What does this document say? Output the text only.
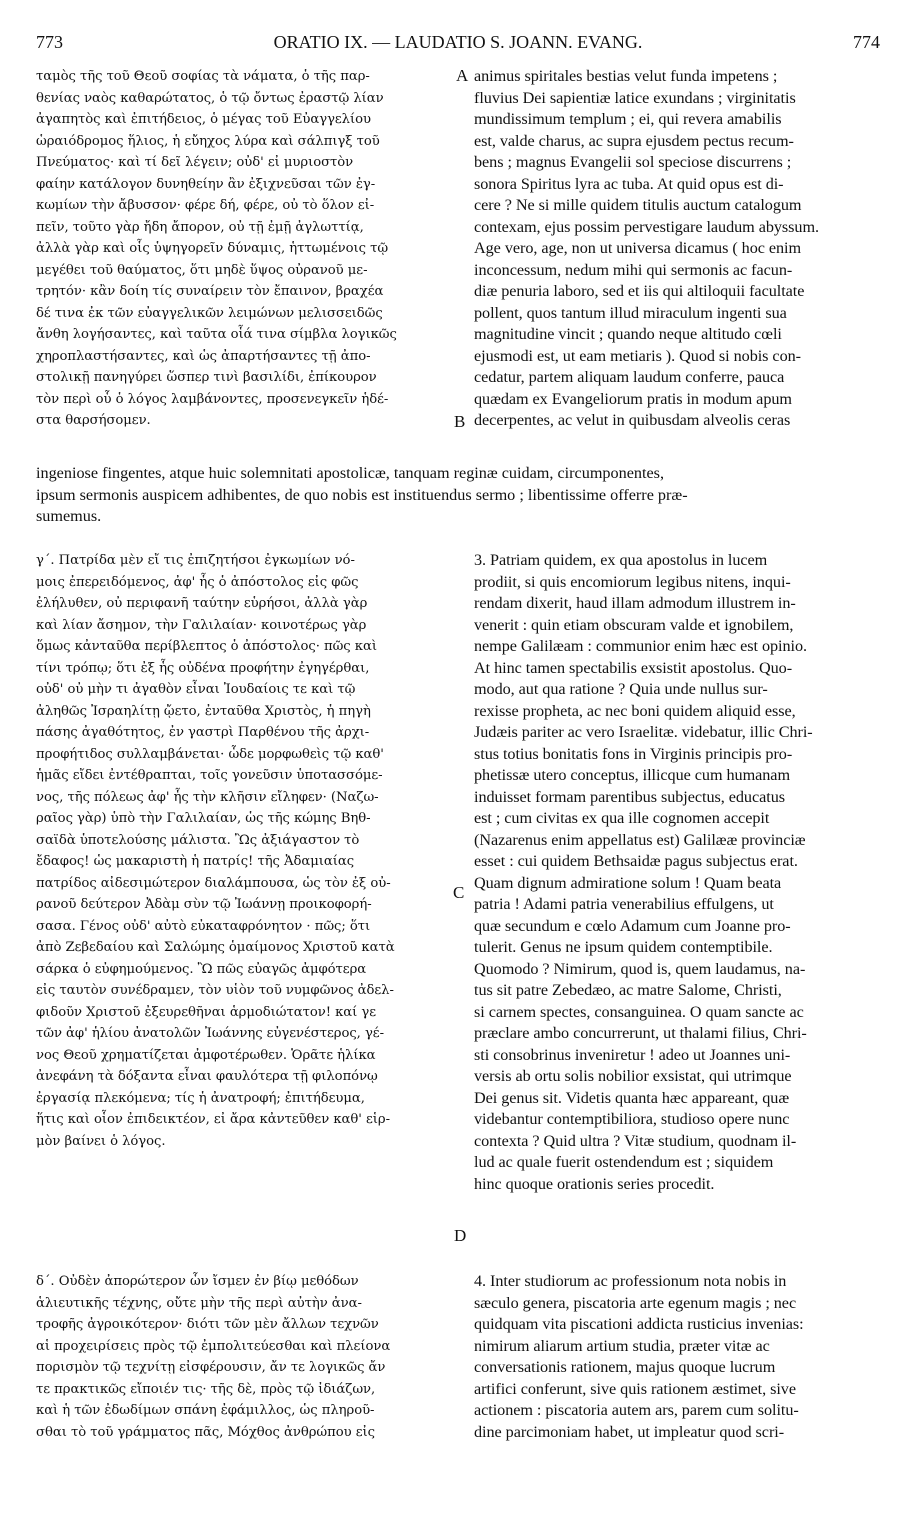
773	ORATIO IX. — LAUDATIO S. JOANN. EVANG.	774
ταμὸς τῆς τοῦ Θεοῦ σοφίας τὰ νάματα, ὁ τῆς παρ-
θενίας ναὸς καθαρώτατος, ὁ τῷ ὄντως ἐραστῷ λίαν
ἀγαπητὸς καὶ ἐπιτήδειος, ὁ μέγας τοῦ Εὐαγγελίου
ὡραιόδρομος ἥλιος, ἡ εὔηχος λύρα καὶ σάλπιγξ τοῦ
Πνεύματος· καὶ τί δεῖ λέγειν; οὐδ' εἰ μυριοστὸν
φαίην κατάλογον δυνηθείην ἂν ἐξιχνεῦσαι τῶν ἐγ-
κωμίων τὴν ἄβυσσον· φέρε δή, φέρε, οὐ τὸ ὅλον εἰ-
πεῖν, τοῦτο γὰρ ἤδη ἄπορον, οὐ τῇ ἐμῇ ἀγλωττίᾳ,
ἀλλὰ γὰρ καὶ οἷς ὑψηγορεῖν δύναμις, ἡττωμένοις τῷ
μεγέθει τοῦ θαύματος, ὅτι μηδὲ ὕψος οὐρανοῦ με-
τρητόν· κἂν δοίη τίς συναίρειν τὸν ἔπαινον, βραχέα
δέ τινα ἐκ τῶν εὐαγγελικῶν λειμώνων μελισσειδῶς
ἄνθη λογήσαντες, καὶ ταῦτα οἷά τινα σίμβλα λογικῶς
χηροπλαστήσαντες, καὶ ὡς ἀπαρτήσαντες τῇ ἀπο-
στολικῇ πανηγύρει ὥσπερ τινὶ βασιλίδι, ἐπίκουρον
τὸν περὶ οὗ ὁ λόγος λαμβάνοντες, προσενεγκεῖν ἡδέ-
στα θαρσήσομεν.
A
B
animus spiritales bestias velut funda impetens ;
fluvius Dei sapientiæ latice exundans ; virginitatis
mundissimum templum ; ei, qui revera amabilis
est, valde charus, ac supra ejusdem pectus recum-
bens ; magnus Evangelii sol speciose discurrens ;
sonora Spiritus lyra ac tuba. At quid opus est di-
cere ? Ne si mille quidem titulis auctum catalogum
contexam, ejus possim pervestigare laudum abyssum.
Age vero, age, non ut universa dicamus ( hoc enim
inconcessum, nedum mihi qui sermonis ac facun-
diæ penuria laboro, sed et iis qui altiloquii facultate
pollent, quos tantum illud miraculum ingenti sua
magnitudine vincit ; quando neque altitudo cœli
ejusmodi est, ut eam metiaris ). Quod si nobis con-
cedatur, partem aliquam laudum conferre, pauca
quædam ex Evangeliorum pratis in modum apum
decerpentes, ac velut in quibusdam alveolis ceras
ingeniose fingentes, atque huic solemnitati apostolicæ, tanquam reginæ cuidam, circumponentes,
ipsum sermonis auspicem adhibentes, de quo nobis est instituendus sermo ; libentissime offerre præ-
sumemus.
γ΄. Πατρίδα μὲν εἴ τις ἐπιζητήσοι ἐγκωμίων νό-
μοις ἐπερειδόμενος, ἀφ' ἧς ὁ ἀπόστολος εἰς φῶς
ἐλήλυθεν, οὐ περιφανῆ ταύτην εὑρήσοι, ἀλλὰ γὰρ
καὶ λίαν ἄσημον, τὴν Γαλιλαίαν· κοινοτέρως γὰρ
ὅμως κἀνταῦθα περίβλεπτος ὁ ἀπόστολος· πῶς καὶ
τίνι τρόπῳ; ὅτι ἐξ ἧς οὐδένα προφήτην ἐγηγέρθαι,
οὐδ' οὐ μὴν τι ἀγαθὸν εἶναι Ἰουδαίοις τε καὶ τῷ
ἀληθῶς Ἰσραηλίτῃ ᾤετο, ἐνταῦθα Χριστὸς, ἡ πηγὴ
πάσης ἀγαθότητος, ἐν γαστρὶ Παρθένου τῆς ἀρχι-
προφήτιδος συλλαμβάνεται· ὧδε μορφωθεὶς τῷ καθ'
ἡμᾶς εἴδει ἐντέθραπται, τοῖς γονεῦσιν ὑποτασσόμε-
νος, τῆς πόλεως ἀφ' ἧς τὴν κλῆσιν εἴληφεν· (Ναζω-
ραῖος γὰρ) ὑπὸ τὴν Γαλιλαίαν, ὡς τῆς κώμης Βηθ-
σαϊδὰ ὑποτελούσης μάλιστα. Ὢς ἀξιάγαστον τὸ
ἔδαφος! ὡς μακαριστὴ ἡ πατρίς! τῆς Ἀδαμιαίας
πατρίδος αἰδεσιμώτερον διαλάμπουσα, ὡς τὸν ἐξ οὐ-
ρανοῦ δεύτερον Ἀδὰμ σὺν τῷ Ἰωάννῃ προικοφορή-
σασα. Γένος οὐδ' αὐτὸ εὐκαταφρόνητον · πῶς; ὅτι
ἀπὸ Ζεβεδαίου καὶ Σαλώμης ὁμαίμονος Χριστοῦ κατὰ
σάρκα ὁ εὐφημούμενος. Ὢ πῶς εὐαγῶς ἀμφότερα
εἰς ταυτὸν συνέδραμεν, τὸν υἱὸν τοῦ νυμφῶνος ἀδελ-
φιδοῦν Χριστοῦ ἐξευρεθῆναι ἁρμοδιώτατον! καί γε
τῶν ἀφ' ἡλίου ἀνατολῶν Ἰωάννης εὐγενέστερος, γέ-
νος Θεοῦ χρηματίζεται ἀμφοτέρωθεν. Ὁρᾶτε ἡλίκα
ἀνεφάνη τὰ δόξαντα εἶναι φαυλότερα τῇ φιλοπόνῳ
ἐργασίᾳ πλεκόμενα; τίς ἡ ἀνατροφή; ἐπιτήδευμα,
ἥτις καὶ οἷον ἐπιδεικτέον, εἰ ἄρα κἀντεῦθεν καθ' εἱρ-
μὸν βαίνει ὁ λόγος.
C
D
3. Patriam quidem, ex qua apostolus in lucem
prodiit, si quis encomiorum legibus nitens, inqui-
rendam dixerit, haud illam admodum illustrem in-
venerit : quin etiam obscuram valde et ignobilem,
nempe Galilæam : communior enim hæc est opinio.
At hinc tamen spectabilis exsistit apostolus. Quo-
modo, aut qua ratione ? Quia unde nullus sur-
rexisse propheta, ac nec boni quidem aliquid esse,
Judæis pariter ac vero Israelitæ. videbatur, illic Chri-
stus totius bonitatis fons in Virginis principis pro-
phetissæ utero conceptus, illicque cum humanam
induisset formam parentibus subjectus, educatus
est ; cum civitas ex qua ille cognomen accepit
(Nazarenus enim appellatus est) Galilææ provinciæ
esset : cui quidem Bethsaidæ pagus subjectus erat.
Quam dignum admiratione solum ! Quam beata
patria ! Adami patria venerabilius effulgens, ut
quæ secundum e cœlo Adamum cum Joanne pro-
tulerit. Genus ne ipsum quidem contemptibile.
Quomodo ? Nimirum, quod is, quem laudamus, na-
tus sit patre Zebedæo, ac matre Salome, Christi,
si carnem spectes, consanguinea. O quam sancte ac
præclare ambo concurrerunt, ut thalami filius, Chri-
sti consobrinus inveniretur ! adeo ut Joannes uni-
versis ab ortu solis nobilior exsistat, qui utrimque
Dei genus sit. Videtis quanta hæc appareant, quæ
videbantur contemptibiliora, studioso opere nunc
contexta ? Quid ultra ? Vitæ studium, quodnam il-
lud ac quale fuerit ostendendum est ; siquidem
hinc quoque orationis series procedit.
δ΄. Οὐδὲν ἀπορώτερον ὧν ἴσμεν ἐν βίῳ μεθόδων
ἁλιευτικῆς τέχνης, οὔτε μὴν τῆς περὶ αὐτὴν ἀνα-
τροφῆς ἀγροικότερον· διότι τῶν μὲν ἄλλων τεχνῶν
αἱ προχειρίσεις πρὸς τῷ ἐμπολιτεύεσθαι καὶ πλείονα
πορισμὸν τῷ τεχνίτῃ εἰσφέρουσιν, ἄν τε λογικῶς ἄν
τε πρακτικῶς εἴποιέν τις· τῆς δὲ, πρὸς τῷ ἰδιάζων,
καὶ ἡ τῶν ἐδωδίμων σπάνη ἐφάμιλλος, ὡς πληροῦ-
σθαι τὸ τοῦ γράμματος πᾶς, Μόχθος ἀνθρώπου εἰς
4. Inter studiorum ac professionum nota nobis in
sæculo genera, piscatoria arte egenum magis ; nec
quidquam vita piscationi addicta rusticius invenias:
nimirum aliarum artium studia, præter vitæ ac
conversationis rationem, majus quoque lucrum
artifici conferunt, sive quis rationem æstimet, sive
actionem : piscatoria autem ars, parem cum solitu-
dine parcimoniam habet, ut impleatur quod scri-
